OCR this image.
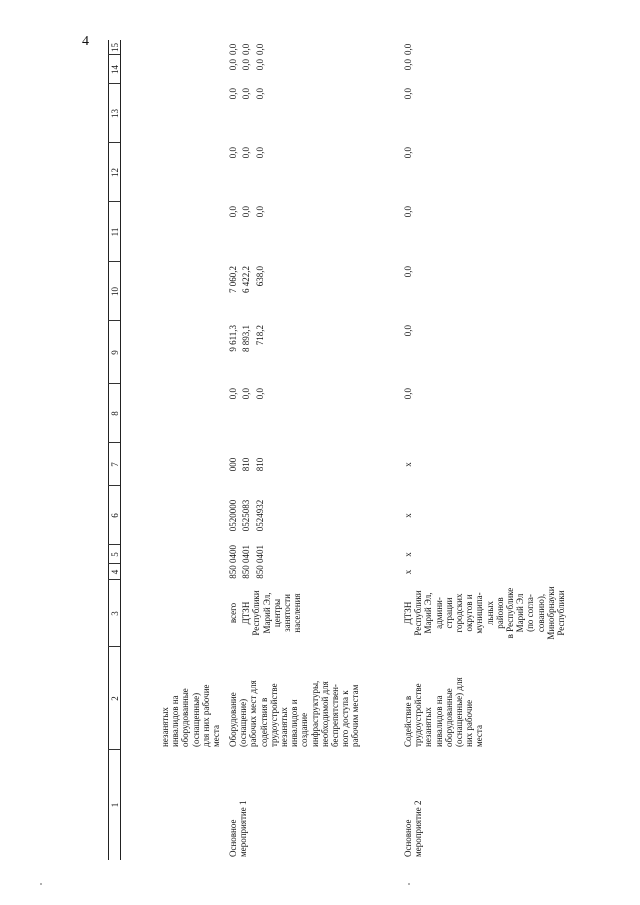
4
1
2
3
4
5
6
7
8
9
10
11
12
13
14
15
незанятых инвалидов на оборудованные (оснащенные) для них рабочие места
Основное мероприятие 1
Оборудование (оснащение) рабочих мест для содействия в трудоустройстве незанятых инвалидов и создание инфраструктуры, необходимой для беспрепятствен- ного доступа к рабочим местам
всего ДТЗН Республики Марий Эл, центры занятости населения
850
0400
0520000
000
0,0
9 611,3
7 060,2
0,0
0,0
0,0
0,0
0,0
850
0401
0525083
810
0,0
8 893,1
6 422,2
0,0
0,0
0,0
0,0
0,0
850
0401
0524932
810
0,0
718,2
638,0
0,0
0,0
0,0
0,0
0,0
Основное мероприятие 2
Содействие в трудоустройстве незанятых инвалидов на оборудованные (оснащенные) для них рабочие места
ДТЗН Республики Марий Эл, админи- страции городских округов и муниципа- льных районов в Республике Марий Эл (по согла- сованию), Минобрнауки Республики
х
х
х
х
0,0
0,0
0,0
0,0
0,0
0,0
0,0
0,0
